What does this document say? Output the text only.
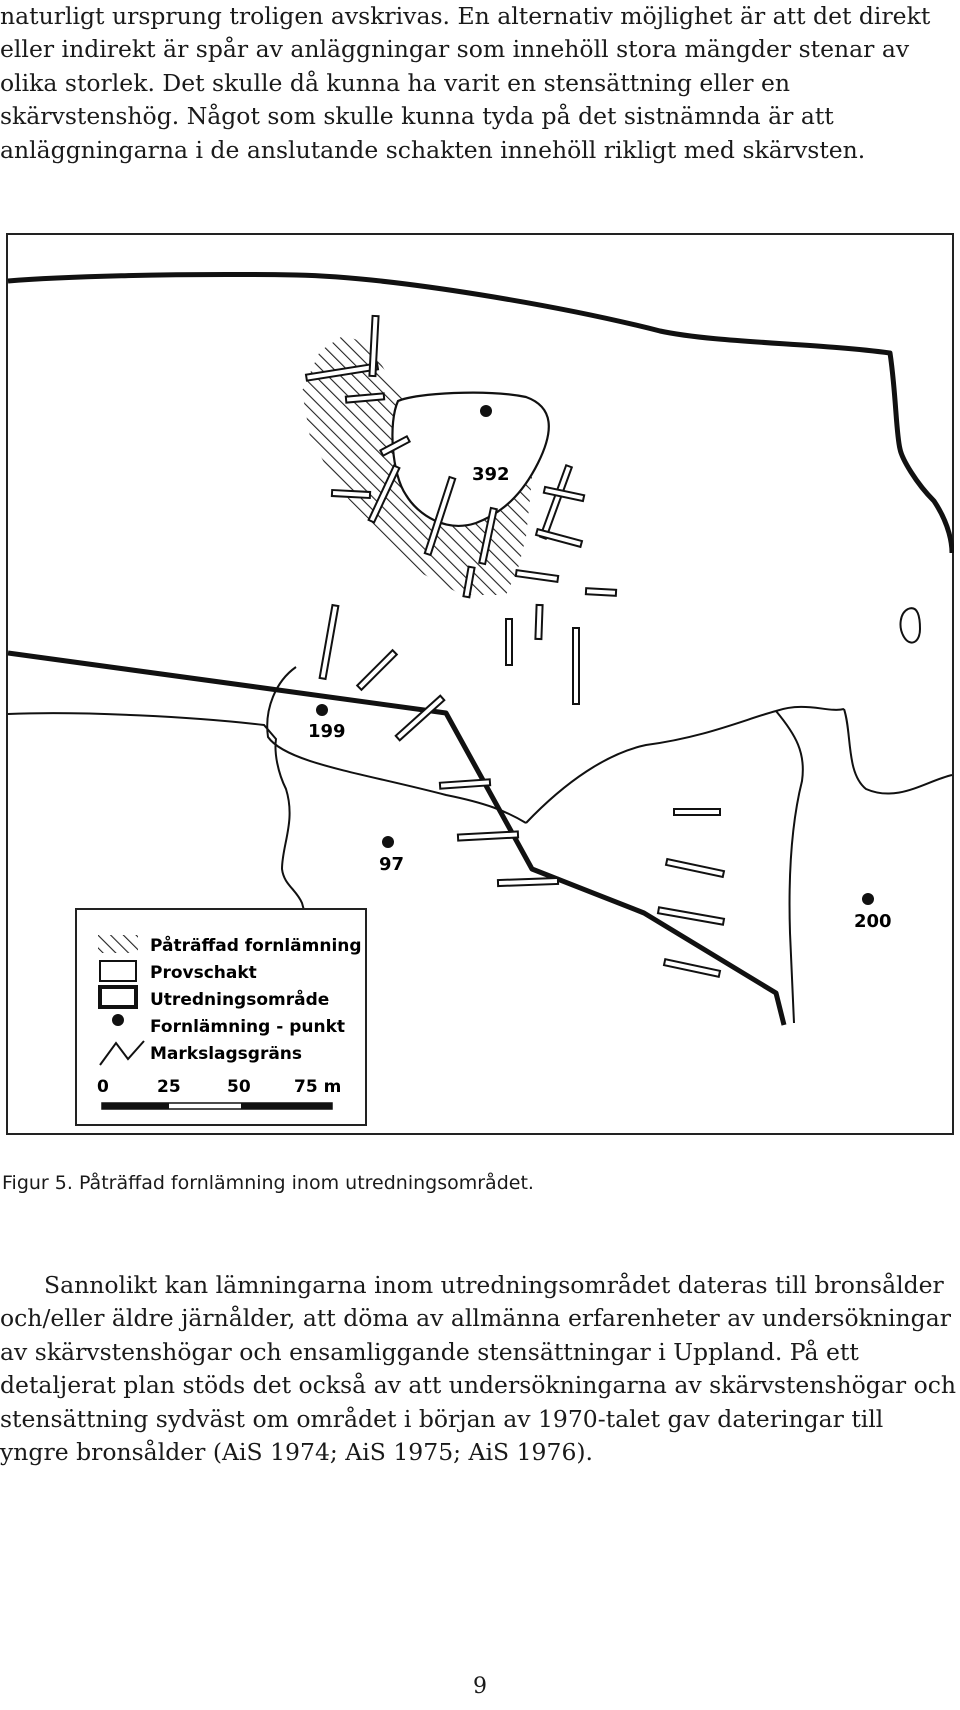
naturligt ursprung troligen avskrivas. En alternativ möjlighet är att det direkt
eller indirekt är spår av anläggningar som innehöll stora mängder stenar av
olika storlek. Det skulle då kunna ha varit en stensättning eller en
skärvstenshög. Något som skulle kunna tyda på det sistnämnda är att
anläggningarna i de anslutande schakten innehöll rikligt med skärvsten.

392
199
97
200
Påträffad fornlämning
Provschakt
Utredningsområde
Fornlämning - punkt
Markslagsgräns
0	25	50	75 m
Figur 5. Påträffad fornlämning inom utredningsområdet.

Sannolikt kan lämningarna inom utredningsområdet dateras till bronsålder
och/eller äldre järnålder, att döma av allmänna erfarenheter av undersökningar
av skärvstenshögar och ensamliggande stensättningar i Uppland. På ett
detaljerat plan stöds det också av att undersökningarna av skärvstenshögar och
stensättning sydväst om området i början av 1970-talet gav dateringar till
yngre bronsålder (AiS 1974; AiS 1975; AiS 1976).

9
